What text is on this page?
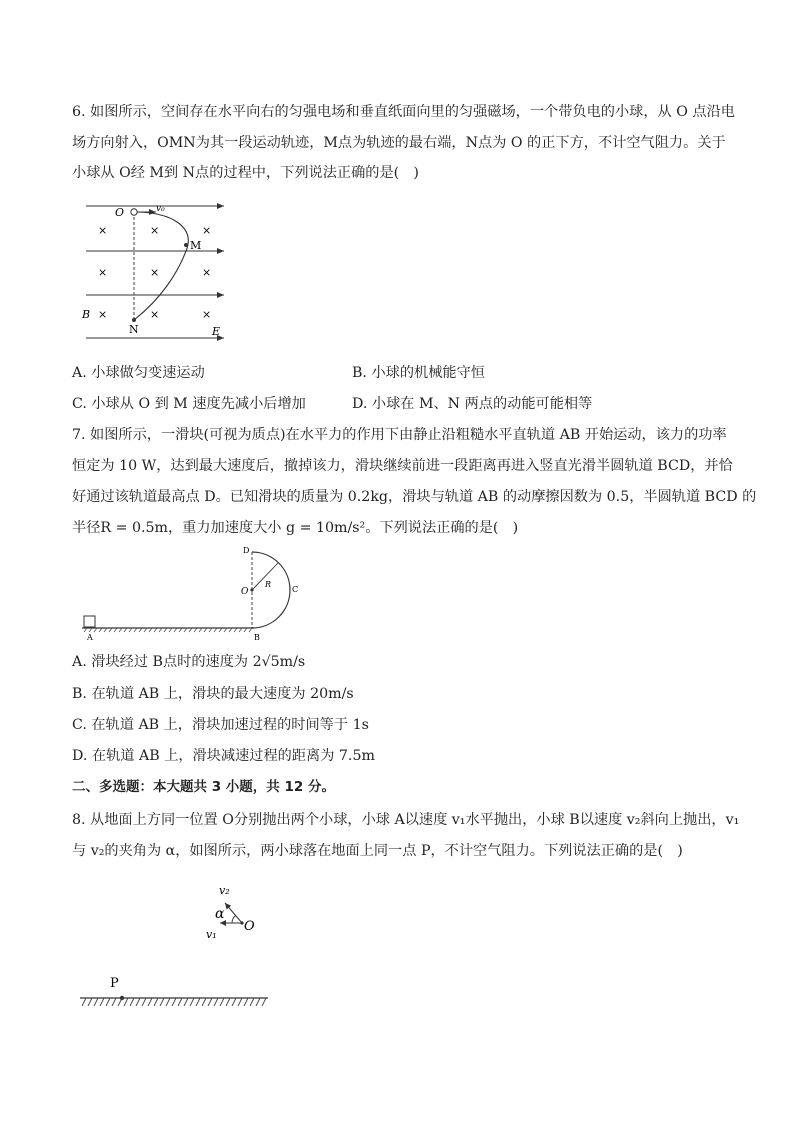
6. 如图所示，空间存在水平向右的匀强电场和垂直纸面向里的匀强磁场，一个带负电的小球，从 O 点沿电
场方向射入，OMN为其一段运动轨迹，M点为轨迹的最右端，N点为 O 的正下方，不计空气阻力。关于
小球从 O经 M到 N点的过程中，下列说法正确的是(　)
O	v₀
M
N
B
E
×	×	×
×	×	×
×	×	×
A. 小球做匀变速运动	B. 小球的机械能守恒
C. 小球从 O 到 M 速度先减小后增加	D. 小球在 M、N 两点的动能可能相等
7. 如图所示，一滑块(可视为质点)在水平力的作用下由静止沿粗糙水平直轨道 AB 开始运动，该力的功率
恒定为 10 W，达到最大速度后，撤掉该力，滑块继续前进一段距离再进入竖直光滑半圆轨道 BCD，并恰
好通过该轨道最高点 D。已知滑块的质量为 0.2kg，滑块与轨道 AB 的动摩擦因数为 0.5，半圆轨道 BCD 的
半径R = 0.5m，重力加速度大小 g = 10m/s²。下列说法正确的是(　)
D
O
R
C
A	B
A. 滑块经过 B点时的速度为 2√5m/s
B. 在轨道 AB 上，滑块的最大速度为 20m/s
C. 在轨道 AB 上，滑块加速过程的时间等于 1s
D. 在轨道 AB 上，滑块减速过程的距离为 7.5m
二、多选题：本大题共 3 小题，共 12 分。
8. 从地面上方同一位置 O分别抛出两个小球，小球 A以速度 v₁水平抛出，小球 B以速度 v₂斜向上抛出，v₁
与 v₂的夹角为 α，如图所示，两小球落在地面上同一点 P，不计空气阻力。下列说法正确的是(　)
v₂
α
O
v₁
P
